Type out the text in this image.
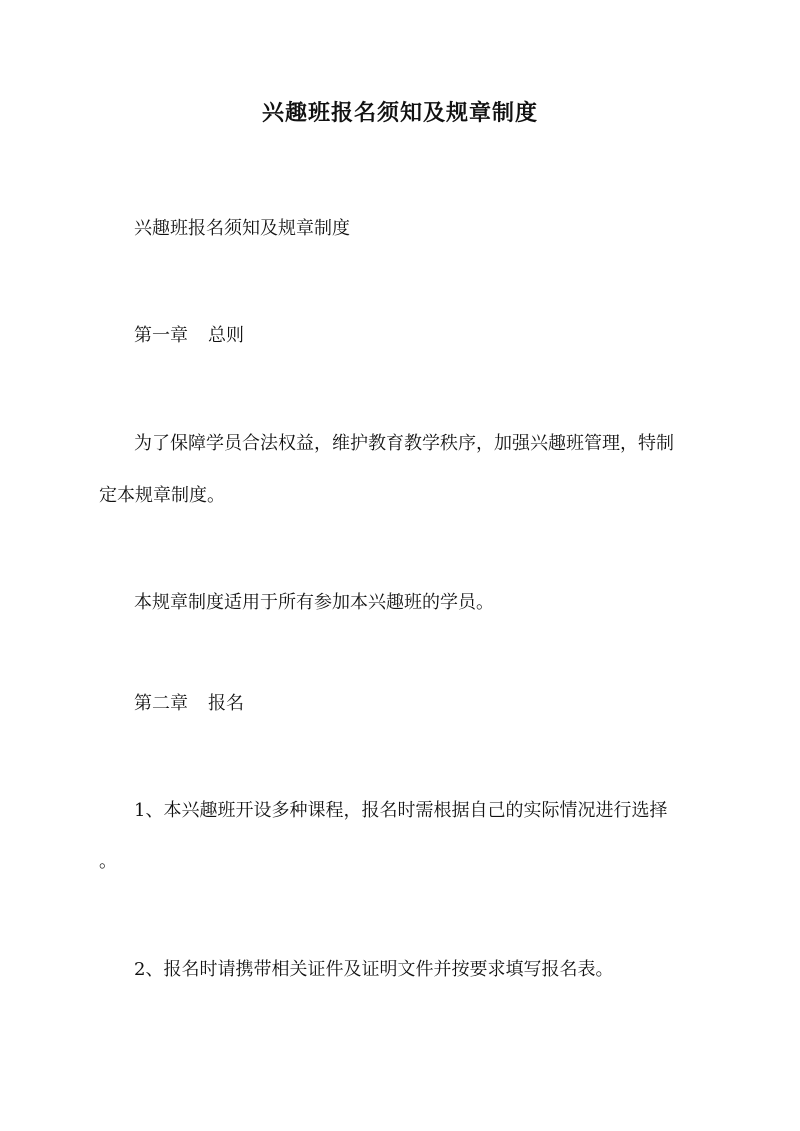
兴趣班报名须知及规章制度
兴趣班报名须知及规章制度
第一章 总则
为了保障学员合法权益，维护教育教学秩序，加强兴趣班管理，特制
定本规章制度。
本规章制度适用于所有参加本兴趣班的学员。
第二章 报名
1、本兴趣班开设多种课程，报名时需根据自己的实际情况进行选择
。
2、报名时请携带相关证件及证明文件并按要求填写报名表。
